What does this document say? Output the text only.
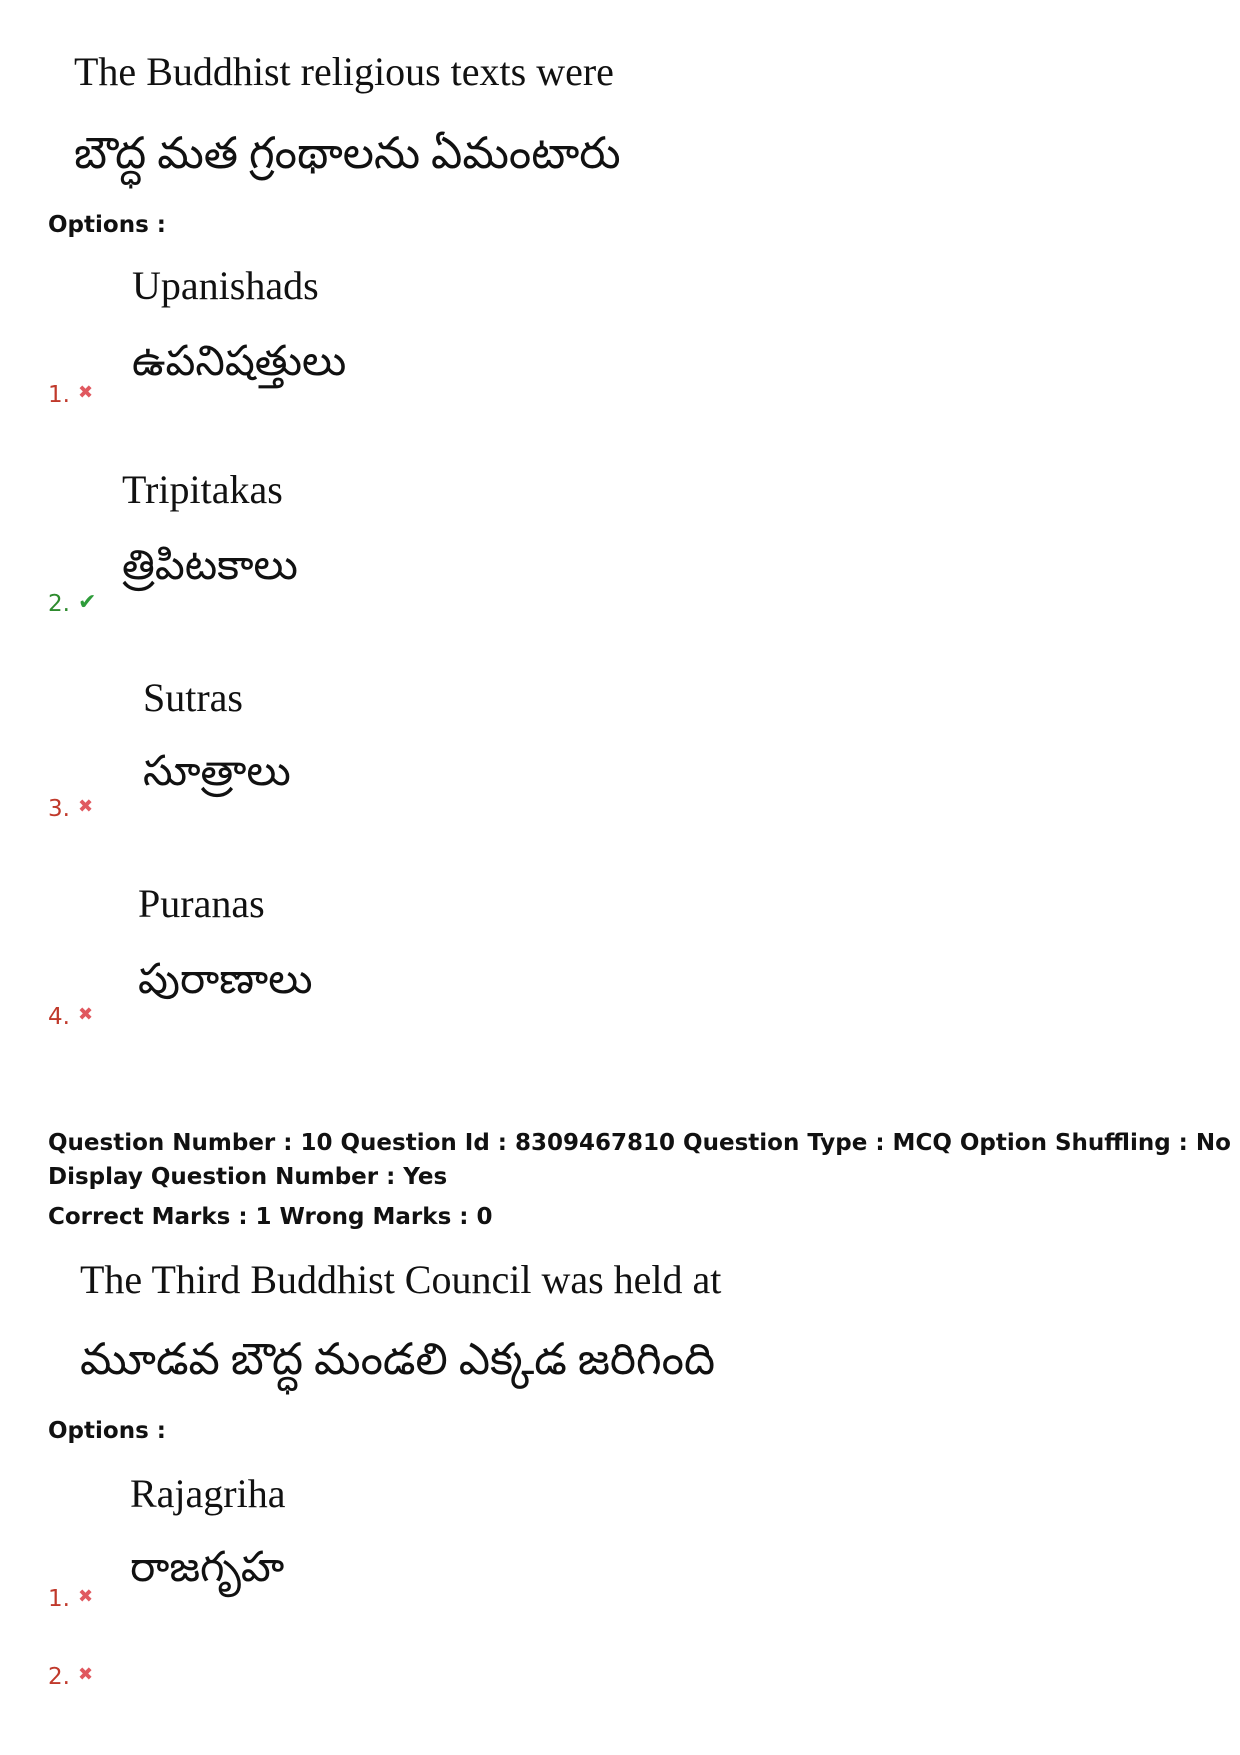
The Buddhist religious texts were
బౌద్ధ మత గ్రంథాలను ఏమంటారు
Options :
Upanishads
ఉపనిషత్తులు
1. ✖
Tripitakas
త్రిపిటకాలు
2. ✔
Sutras
సూత్రాలు
3. ✖
Puranas
పురాణాలు
4. ✖
Question Number : 10 Question Id : 8309467810 Question Type : MCQ Option Shuffling : No
Display Question Number : Yes
Correct Marks : 1 Wrong Marks : 0
The Third Buddhist Council was held at
మూడవ బౌద్ధ మండలి ఎక్కడ జరిగింది
Options :
Rajagriha
రాజగృహ
1. ✖
2. ✖
